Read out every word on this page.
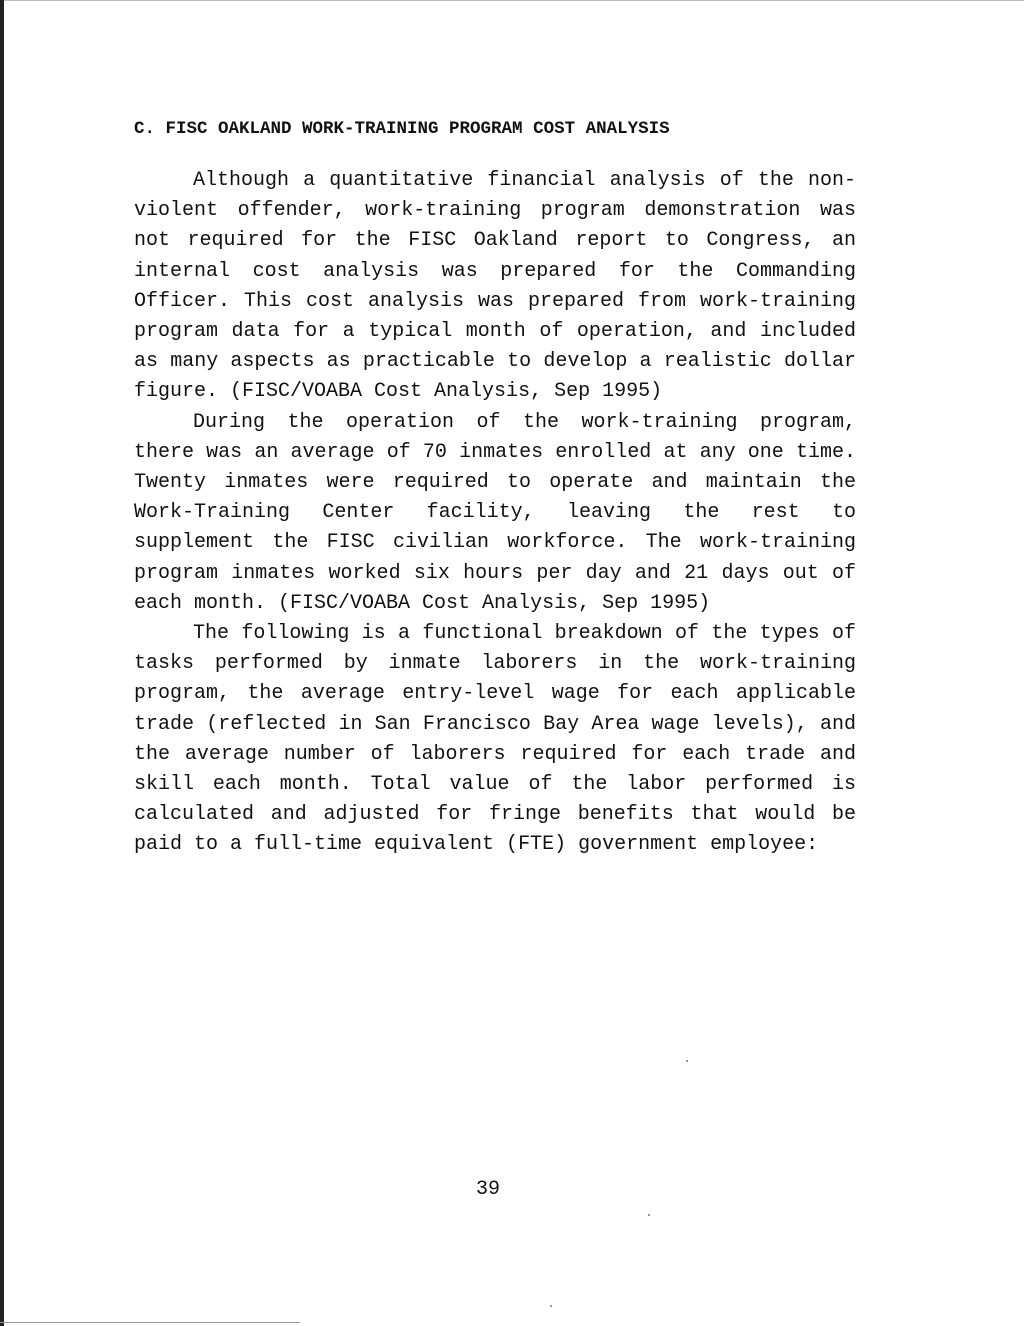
C. FISC OAKLAND WORK-TRAINING PROGRAM COST ANALYSIS

Although a quantitative financial analysis of the non-violent offender, work-training program demonstration was not required for the FISC Oakland report to Congress, an internal cost analysis was prepared for the Commanding Officer. This cost analysis was prepared from work-training program data for a typical month of operation, and included as many aspects as practicable to develop a realistic dollar figure. (FISC/VOABA Cost Analysis, Sep 1995)

During the operation of the work-training program, there was an average of 70 inmates enrolled at any one time. Twenty inmates were required to operate and maintain the Work-Training Center facility, leaving the rest to supplement the FISC civilian workforce. The work-training program inmates worked six hours per day and 21 days out of each month. (FISC/VOABA Cost Analysis, Sep 1995)

The following is a functional breakdown of the types of tasks performed by inmate laborers in the work-training program, the average entry-level wage for each applicable trade (reflected in San Francisco Bay Area wage levels), and the average number of laborers required for each trade and skill each month. Total value of the labor performed is calculated and adjusted for fringe benefits that would be paid to a full-time equivalent (FTE) government employee:

39
